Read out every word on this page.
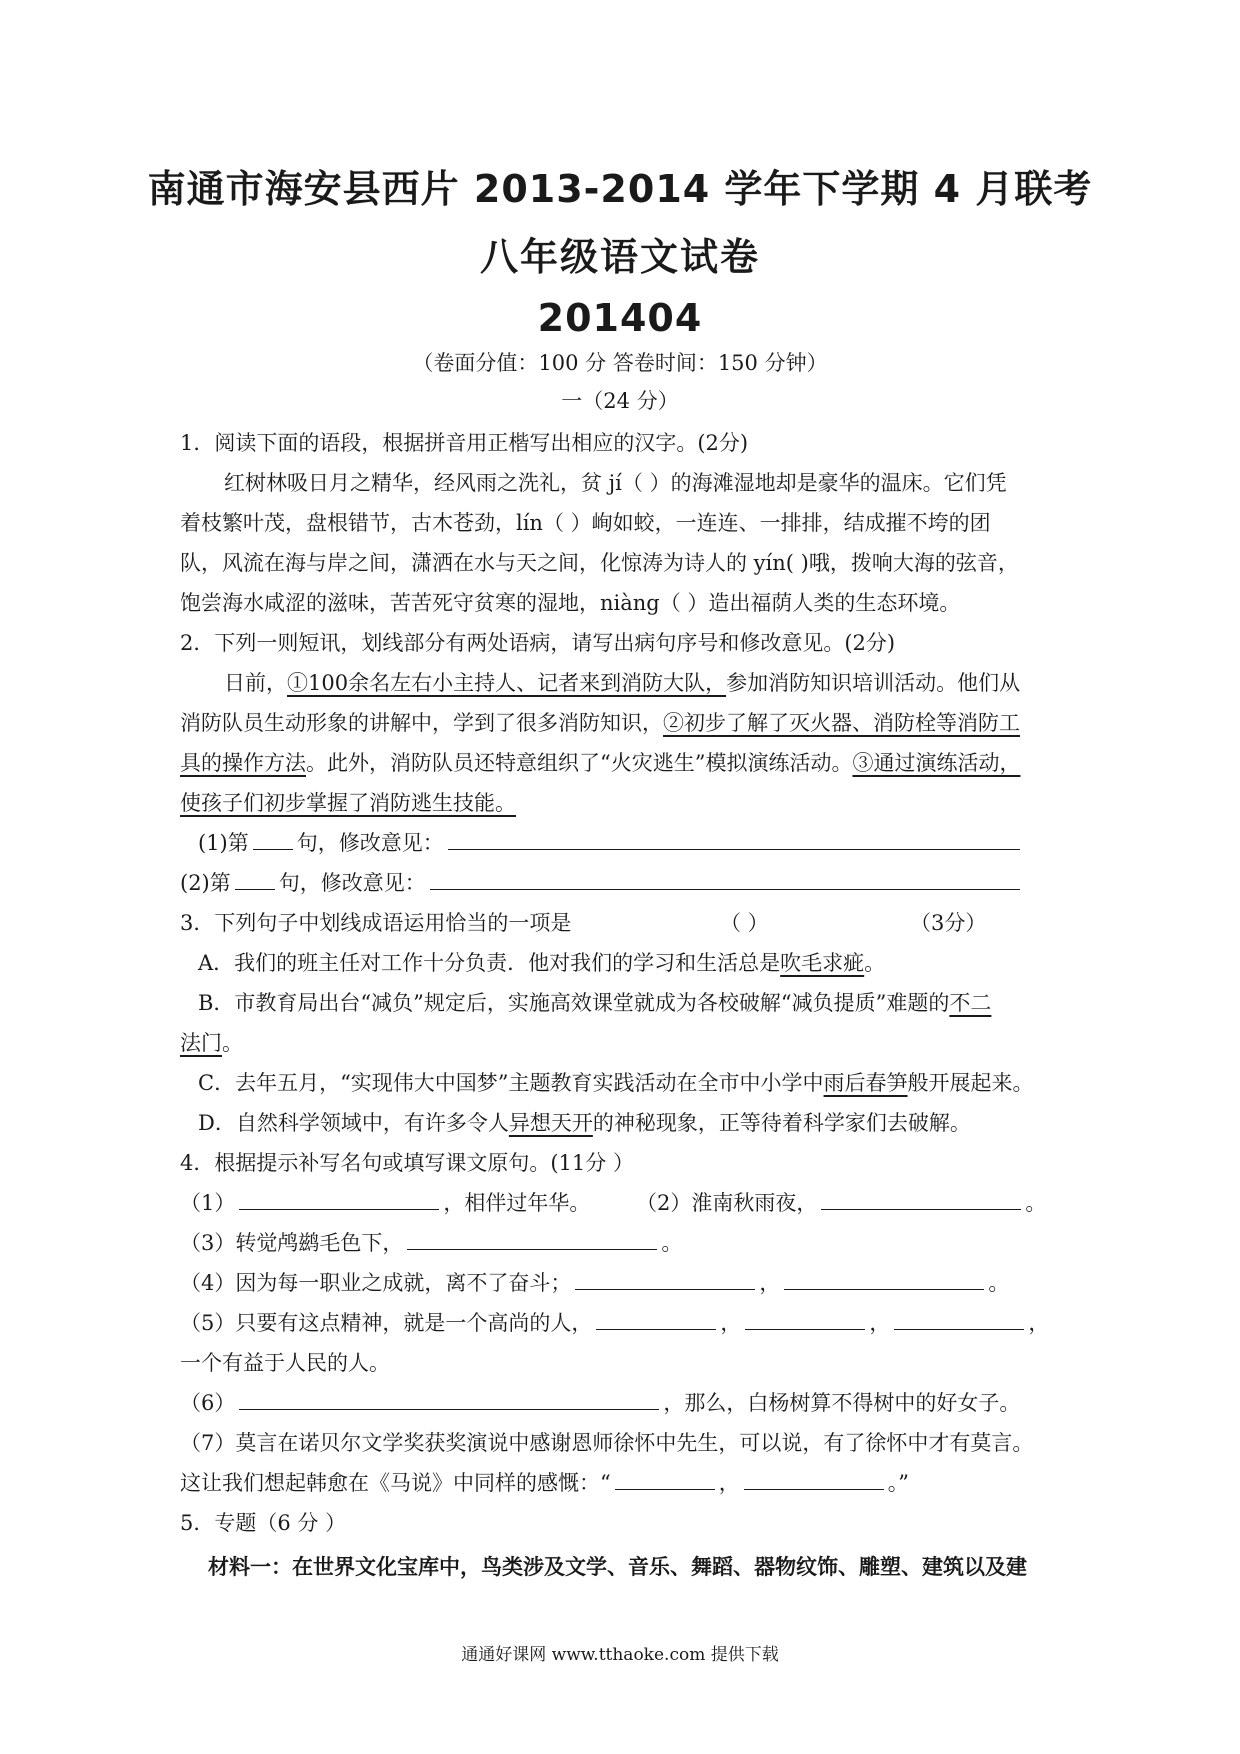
南通市海安县西片 2013-2014 学年下学期 4 月联考
八年级语文试卷
201404
（卷面分值：100 分 答卷时间：150 分钟）
一（24 分）
1．阅读下面的语段，根据拼音用正楷写出相应的汉字。(2分)
红树林吸日月之精华，经风雨之洗礼，贫 jí（ ）的海滩湿地却是豪华的温床。它们凭
着枝繁叶茂，盘根错节，古木苍劲，lín（ ）峋如蛟，一连连、一排排，结成摧不垮的团
队，风流在海与岸之间，潇洒在水与天之间，化惊涛为诗人的 yín( )哦，拨响大海的弦音，
饱尝海水咸涩的滋味，苦苦死守贫寒的湿地，niàng（ ）造出福荫人类的生态环境。
2．下列一则短讯，划线部分有两处语病，请写出病句序号和修改意见。(2分)
日前，①100余名左右小主持人、记者来到消防大队，参加消防知识培训活动。他们从
消防队员生动形象的讲解中，学到了很多消防知识，②初步了解了灭火器、消防栓等消防工
具的操作方法。此外，消防队员还特意组织了“火灾逃生”模拟演练活动。③通过演练活动，
使孩子们初步掌握了消防逃生技能。
(1)第 句，修改意见：
(2)第 句，修改意见：
3．下列句子中划线成语运用恰当的一项是	（ ）	（3分）
A．我们的班主任对工作十分负责．他对我们的学习和生活总是吹毛求疵。
B．市教育局出台“减负”规定后，实施高效课堂就成为各校破解“减负提质”难题的不二
法门。
C．去年五月，“实现伟大中国梦”主题教育实践活动在全市中小学中雨后春笋般开展起来。
D．自然科学领域中，有许多令人异想天开的神秘现象，正等待着科学家们去破解。
4．根据提示补写名句或填写课文原句。(11分 ）
（1）	，相伴过年华。 （2）淮南秋雨夜，	。
（3）转觉鸬鹚毛色下，	。
（4）因为每一职业之成就，离不了奋斗；	，	。
（5）只要有这点精神，就是一个高尚的人，	，	，	，
一个有益于人民的人。
（6）	，那么，白杨树算不得树中的好女子。
（7）莫言在诺贝尔文学奖获奖演说中感谢恩师徐怀中先生，可以说，有了徐怀中才有莫言。
这让我们想起韩愈在《马说》中同样的感慨：“	，	。”
5．专题（6 分 ）
材料一：在世界文化宝库中，鸟类涉及文学、音乐、舞蹈、器物纹饰、雕塑、建筑以及建
通通好课网 www.tthaoke.com 提供下载
